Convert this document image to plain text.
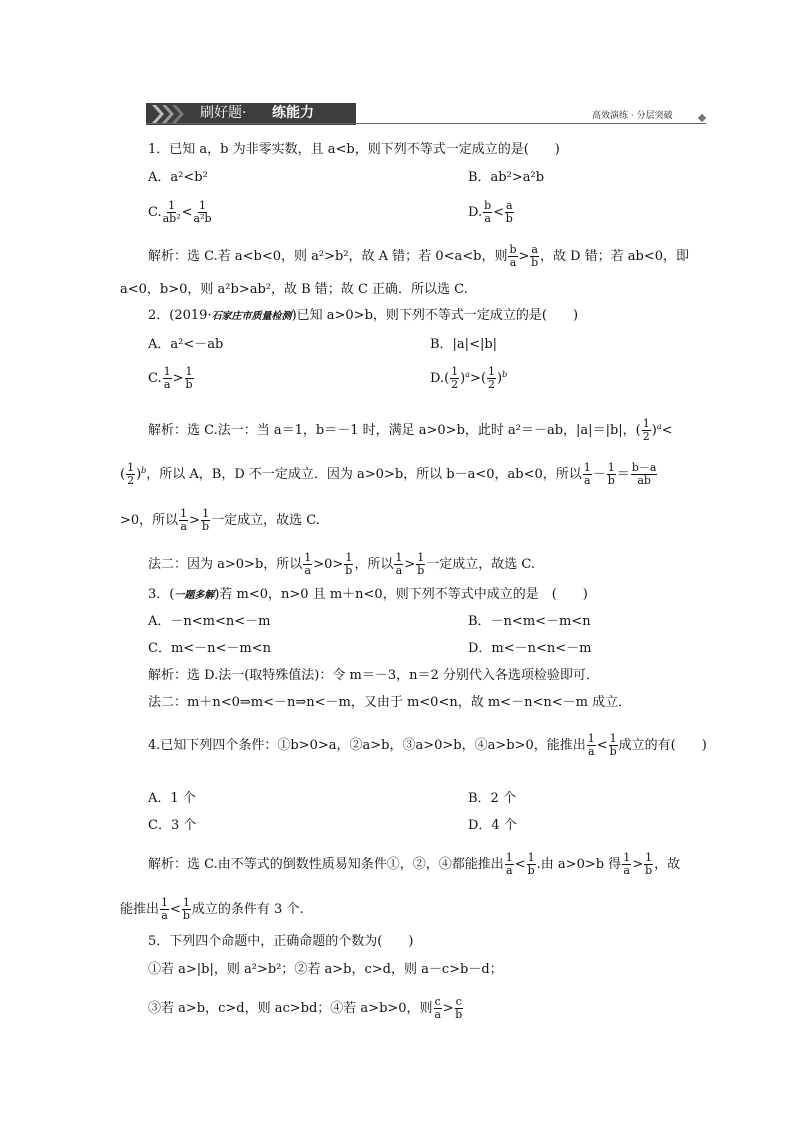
刷好题· 练能力	高效演练 · 分层突破
1．已知 a，b 为非零实数，且 a<b，则下列不等式一定成立的是(　　)
A．a²<b²	B．ab²>a²b
C. $\frac{1}{\text{ab²}} < \frac{1}{\text{a²b}}$	D. $\frac{b}{a} < \frac{a}{b}$
解析：选 C.若 a<b<0，则 a²>b²，故 A 错；若 0<a<b，则 $\frac{b}{a} > \frac{a}{b}$ ，故 D 错；若 ab<0，即
a<0，b>0，则 a²b>ab²，故 B 错；故 C 正确．所以选 C.
2．(2019·石家庄市质量检测)已知 a>0>b，则下列不等式一定成立的是(　　)
A．a²<－ab	B．|a|<|b|
C. $\frac{1}{a} > \frac{1}{b}$	$D.( \frac{1}{2} )^a>( \frac{1}{2} )^b$
解析：选 C.法一：当 a＝1，b＝－1 时，满足 a>0>b，此时 a²＝－ab，|a|＝|b|，( $\frac{1}{2} )^a<$
( $\frac{1}{2} )^b$，所以 A，B，D 不一定成立．因为 a>0>b，所以 b－a<0，ab<0，所以 $\frac{1}{a} - \frac{1}{b} = \frac{b-a}{ab}$
>0，所以 $\frac{1}{a} > \frac{1}{b}$ 一定成立，故选 C.
法二：因为 a>0>b，所以 $\frac{1}{a} >0> \frac{1}{b}$ ，所以 $\frac{1}{a} > \frac{1}{b}$ 一定成立，故选 C.
3．(一题多解)若 m<0，n>0 且 m＋n<0，则下列不等式中成立的是　(　　)
A．－n<m<n<－m	B．－n<m<－m<n
C．m<－n<－m<n	D．m<－n<n<－m
解析：选 D.法一(取特殊值法)：令 m＝－3，n＝2 分别代入各选项检验即可．
法二：m＋n<0⇒m<－n⇒n<－m，又由于 m<0<n，故 m<－n<n<－m 成立．
4.已知下列四个条件：①b>0>a，②a>b，③a>0>b，④a>b>0，能推出 $\frac{1}{a} < \frac{1}{b}$ 成立的有(　　)
A．1 个	B．2 个
C．3 个	D．4 个
解析：选 C.由不等式的倒数性质易知条件①，②，④都能推出 $\frac{1}{a} < \frac{1}{b}$ .由 a>0>b 得 $\frac{1}{a} > \frac{1}{b}$ ，故
能推出 $\frac{1}{a} < \frac{1}{b}$ 成立的条件有 3 个.
5．下列四个命题中，正确命题的个数为(　　)
①若 a>|b|，则 a²>b²；②若 a>b，c>d，则 a－c>b－d；
③若 a>b，c>d，则 ac>bd；④若 a>b>0，则 $\frac{c}{a} > \frac{c}{b}$
